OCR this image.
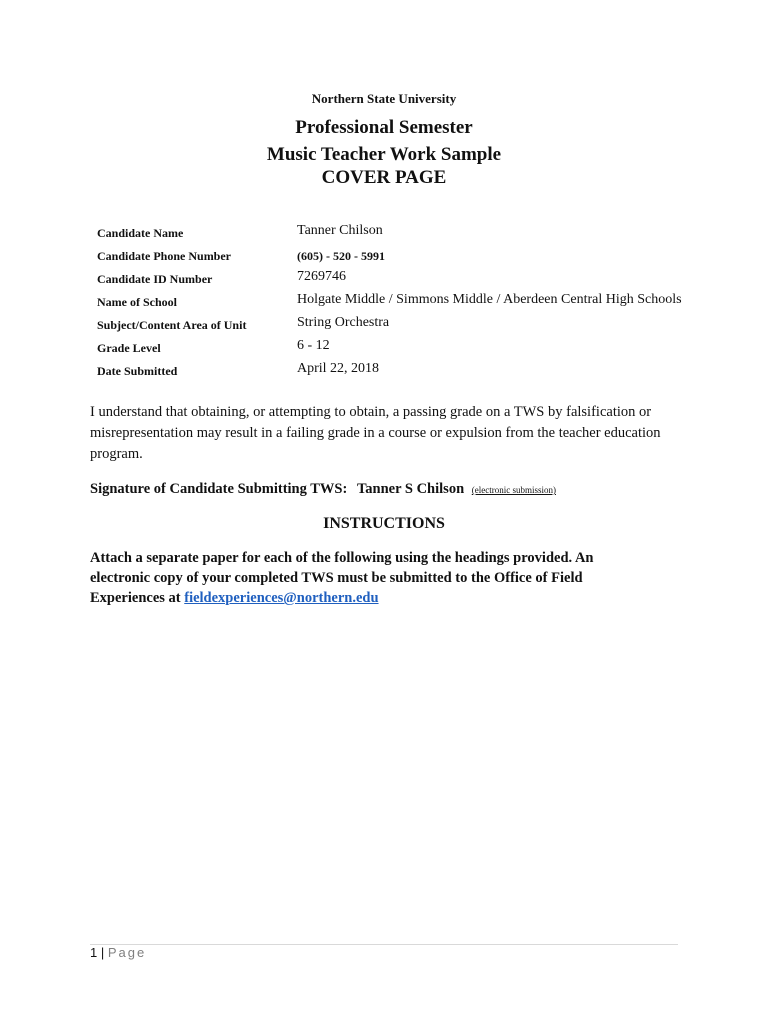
Northern State University
Professional Semester
Music Teacher Work Sample
COVER PAGE
Candidate Name	Tanner Chilson
Candidate Phone Number	(605) - 520 - 5991
Candidate ID Number	7269746
Name of School	Holgate Middle / Simmons Middle / Aberdeen Central High Schools
Subject/Content Area of Unit	String Orchestra
Grade Level	6 - 12
Date Submitted	April 22, 2018
I understand that obtaining, or attempting to obtain, a passing grade on a TWS by falsification or misrepresentation may result in a failing grade in a course or expulsion from the teacher education program.
Signature of Candidate Submitting TWS: Tanner S Chilson (electronic submission)
INSTRUCTIONS
Attach a separate paper for each of the following using the headings provided. An electronic copy of your completed TWS must be submitted to the Office of Field Experiences at fieldexperiences@northern.edu
1 | Page
